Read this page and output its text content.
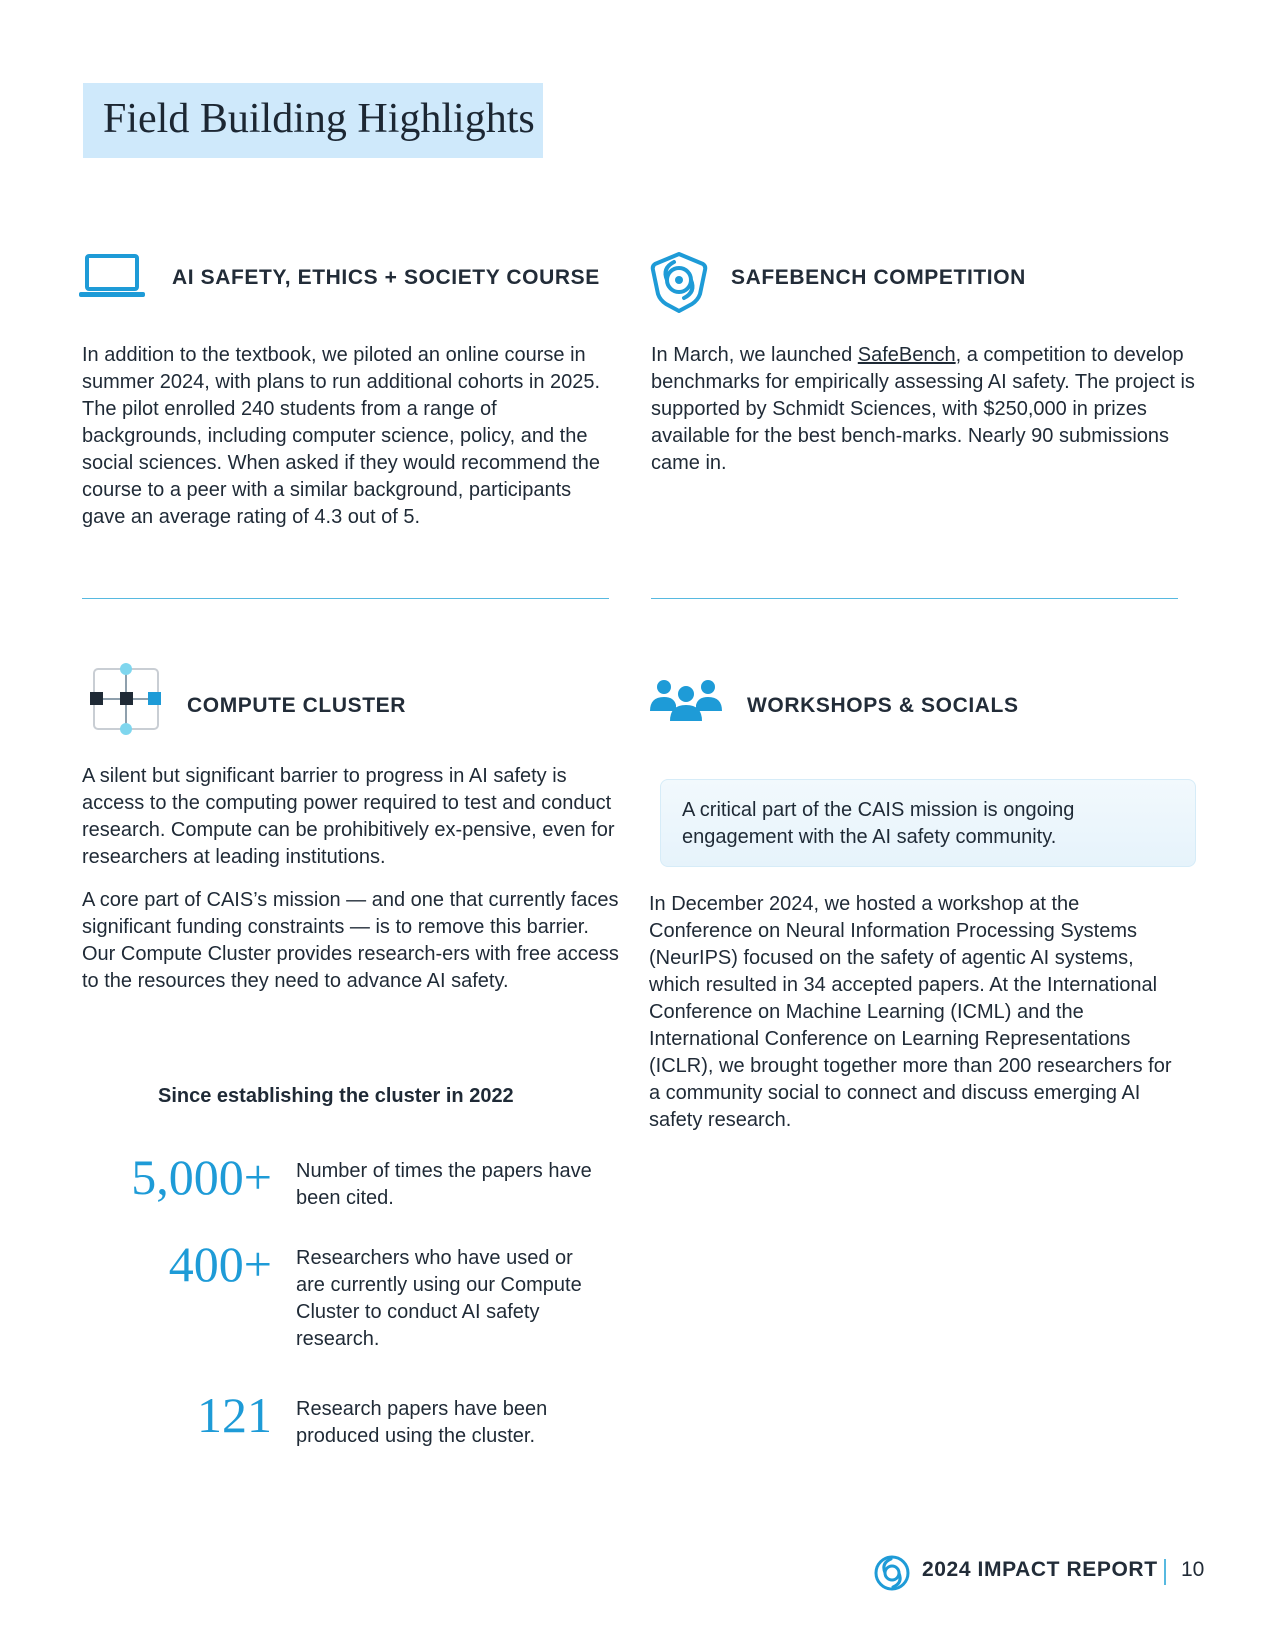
Field Building Highlights
AI SAFETY, ETHICS + SOCIETY COURSE

In addition to the textbook, we piloted an online course in summer 2024, with plans to run additional cohorts in 2025. The pilot enrolled 240 students from a range of backgrounds, including computer science, policy, and the social sciences. When asked if they would recommend the course to a peer with a similar background, participants gave an average rating of 4.3 out of 5.

SAFEBENCH COMPETITION

In March, we launched SafeBench, a competition to develop benchmarks for empirically assessing AI safety. The project is supported by Schmidt Sciences, with $250,000 in prizes available for the best bench-marks. Nearly 90 submissions came in.

COMPUTE CLUSTER

A silent but significant barrier to progress in AI safety is access to the computing power required to test and conduct research. Compute can be prohibitively ex-pensive, even for researchers at leading institutions.

A core part of CAIS’s mission — and one that currently faces significant funding constraints — is to remove this barrier. Our Compute Cluster provides research-ers with free access to the resources they need to advance AI safety.

Since establishing the cluster in 2022
5,000+ Number of times the papers have been cited.
400+ Researchers who have used or are currently using our Compute Cluster to conduct AI safety research.
121 Research papers have been produced using the cluster.
WORKSHOPS & SOCIALS
A critical part of the CAIS mission is ongoing engagement with the AI safety community.

In December 2024, we hosted a workshop at the Conference on Neural Information Processing Systems (NeurIPS) focused on the safety of agentic AI systems, which resulted in 34 accepted papers. At the International Conference on Machine Learning (ICML) and the International Conference on Learning Representations (ICLR), we brought together more than 200 researchers for a community social to connect and discuss emerging AI safety research.

2024 IMPACT REPORT 10
